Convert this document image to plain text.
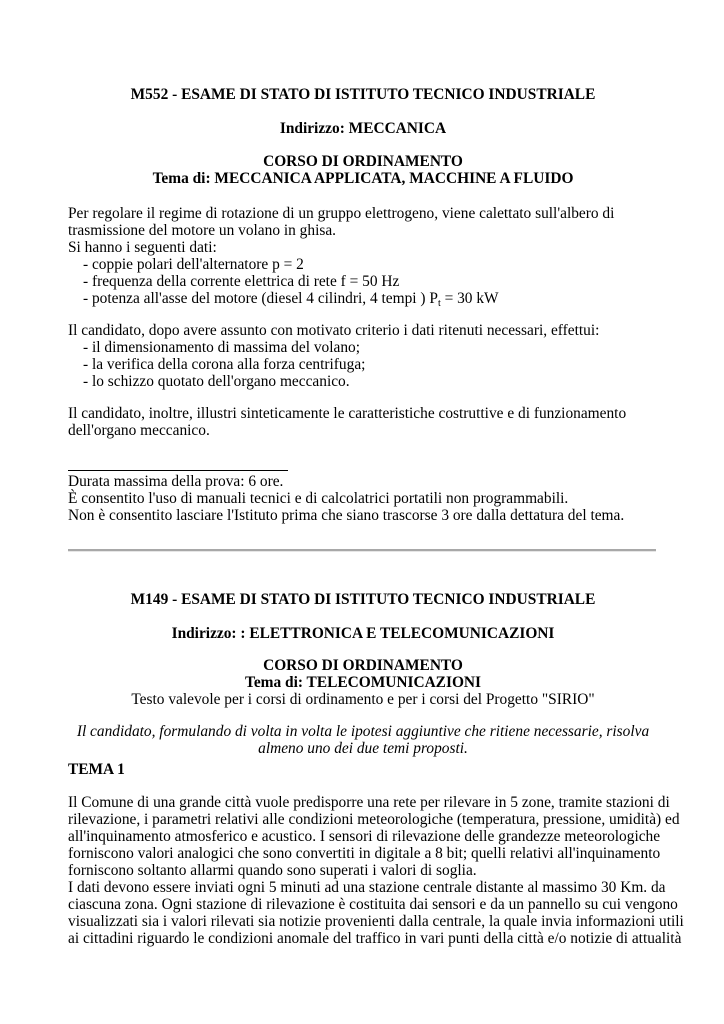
M552 - ESAME DI STATO DI ISTITUTO TECNICO INDUSTRIALE
Indirizzo: MECCANICA
CORSO DI ORDINAMENTO
Tema di: MECCANICA APPLICATA, MACCHINE A FLUIDO
Per regolare il regime di rotazione di un gruppo elettrogeno, viene calettato sull'albero di
trasmissione del motore un volano in ghisa.
Si hanno i seguenti dati:
- coppie polari dell'alternatore p = 2
- frequenza della corrente elettrica di rete f = 50 Hz
- potenza all'asse del motore (diesel 4 cilindri, 4 tempi ) $P_t = 30$ kW
Il candidato, dopo avere assunto con motivato criterio i dati ritenuti necessari, effettui:
- il dimensionamento di massima del volano;
- la verifica della corona alla forza centrifuga;
- lo schizzo quotato dell'organo meccanico.
Il candidato, inoltre, illustri sinteticamente le caratteristiche costruttive e di funzionamento
dell'organo meccanico.
Durata massima della prova: 6 ore.
È consentito l'uso di manuali tecnici e di calcolatrici portatili non programmabili.
Non è consentito lasciare l'Istituto prima che siano trascorse 3 ore dalla dettatura del tema.
M149 - ESAME DI STATO DI ISTITUTO TECNICO INDUSTRIALE
Indirizzo: : ELETTRONICA E TELECOMUNICAZIONI
CORSO DI ORDINAMENTO
Tema di: TELECOMUNICAZIONI
Testo valevole per i corsi di ordinamento e per i corsi del Progetto "SIRIO"
Il candidato, formulando di volta in volta le ipotesi aggiuntive che ritiene necessarie, risolva
almeno uno dei due temi proposti.
TEMA 1
Il Comune di una grande città vuole predisporre una rete per rilevare in 5 zone, tramite stazioni di
rilevazione, i parametri relativi alle condizioni meteorologiche (temperatura, pressione, umidità) ed
all'inquinamento atmosferico e acustico. I sensori di rilevazione delle grandezze meteorologiche
forniscono valori analogici che sono convertiti in digitale a 8 bit; quelli relativi all'inquinamento
forniscono soltanto allarmi quando sono superati i valori di soglia.
I dati devono essere inviati ogni 5 minuti ad una stazione centrale distante al massimo 30 Km. da
ciascuna zona. Ogni stazione di rilevazione è costituita dai sensori e da un pannello su cui vengono
visualizzati sia i valori rilevati sia notizie provenienti dalla centrale, la quale invia informazioni utili
ai cittadini riguardo le condizioni anomale del traffico in vari punti della città e/o notizie di attualità
